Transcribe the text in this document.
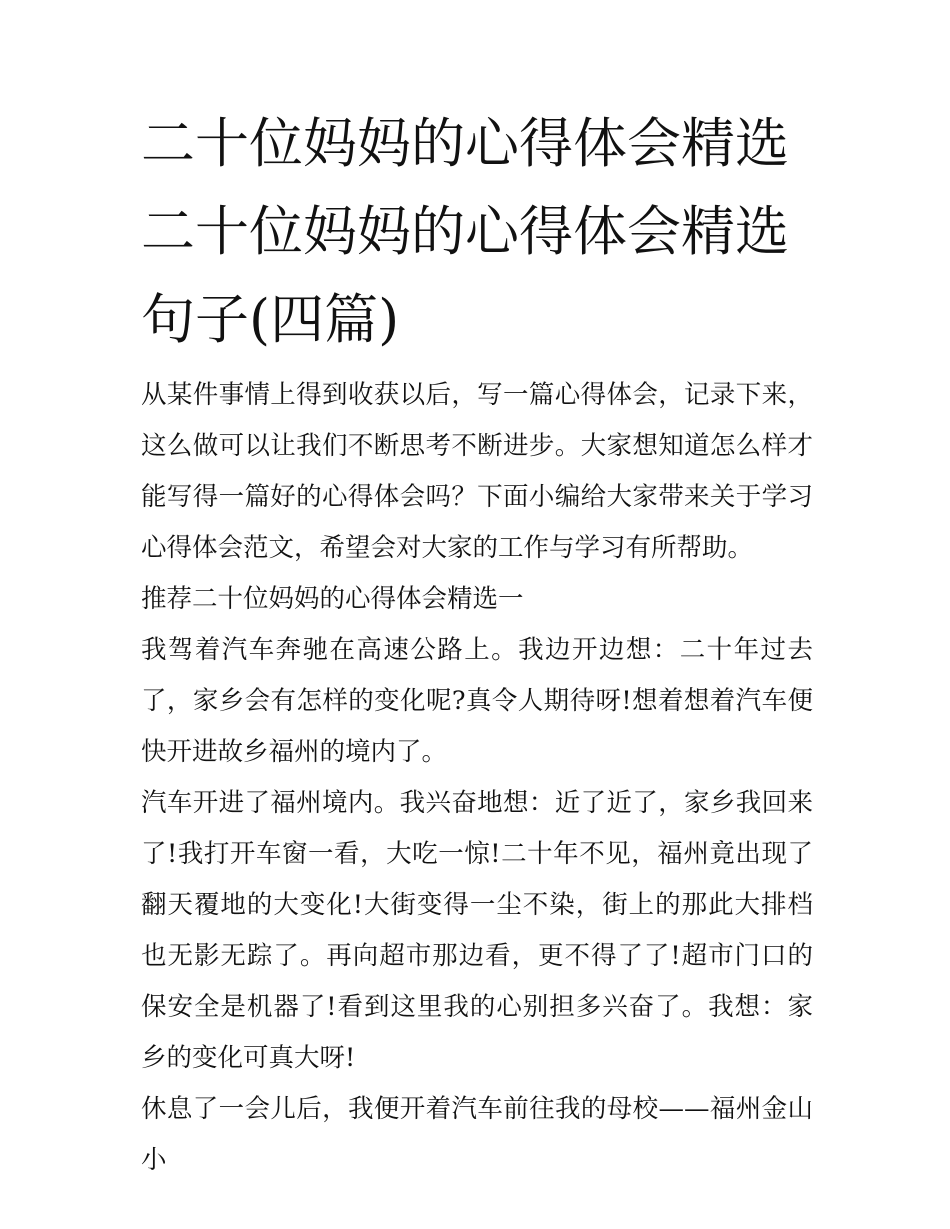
二十位妈妈的心得体会精选 二十位妈妈的心得体会精选句子(四篇)

从某件事情上得到收获以后，写一篇心得体会，记录下来，这么做可以让我们不断思考不断进步。大家想知道怎么样才能写得一篇好的心得体会吗？下面小编给大家带来关于学习心得体会范文，希望会对大家的工作与学习有所帮助。

推荐二十位妈妈的心得体会精选一

我驾着汽车奔驰在高速公路上。我边开边想：二十年过去了，家乡会有怎样的变化呢?真令人期待呀!想着想着汽车便快开进故乡福州的境内了。

汽车开进了福州境内。我兴奋地想：近了近了，家乡我回来了!我打开车窗一看，大吃一惊!二十年不见，福州竟出现了翻天覆地的大变化!大街变得一尘不染，街上的那此大排档也无影无踪了。再向超市那边看，更不得了了!超市门口的保安全是机器了!看到这里我的心别担多兴奋了。我想：家乡的变化可真大呀!

休息了一会儿后，我便开着汽车前往我的母校——福州金山小
